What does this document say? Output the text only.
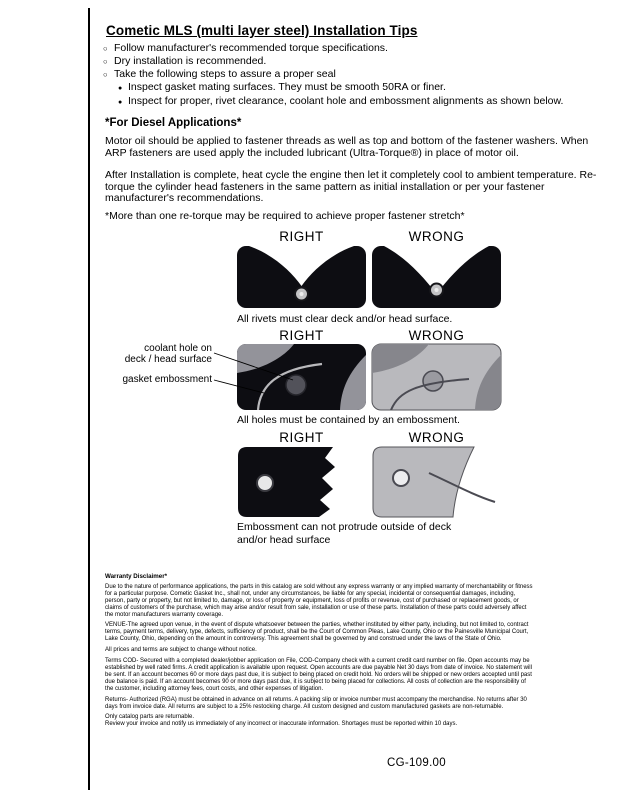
Cometic MLS (multi layer steel) Installation Tips
○ Follow manufacturer's recommended torque specifications.
○ Dry installation is recommended.
○ Take the following steps to assure a proper seal
● Inspect gasket mating surfaces. They must be smooth 50RA or finer.
● Inspect for proper, rivet clearance, coolant hole and embossment alignments as shown below.
*For Diesel Applications*
Motor oil should be applied to fastener threads as well as top and bottom of the fastener washers. When ARP fasteners are used apply the included lubricant (Ultra-Torque®) in place of motor oil.
After Installation is complete, heat cycle the engine then let it completely cool to ambient temperature. Re-torque the cylinder head fasteners in the same pattern as initial installation or per your fastener manufacturer's recommendations.
*More than one re-torque may be required to achieve proper fastener stretch*
RIGHT	WRONG
All rivets must clear deck and/or head surface.
RIGHT	WRONG
coolant hole on
deck / head surface
gasket embossment
All holes must be contained by an embossment.
RIGHT	WRONG
Embossment can not protrude outside of deck
and/or head surface
Warranty Disclaimer*

Due to the nature of performance applications, the parts in this catalog are sold without any express warranty or any implied warranty of merchantability or fitness for a particular purpose. Cometic Gasket Inc., shall not, under any circumstances, be liable for any special, incidental or consequential damages, including, person, party or property, but not limited to, damage, or loss of property or equipment, loss of profits or revenue, cost of purchased or replacement goods, or claims of customers of the purchase, which may arise and/or result from sale, installation or use of these parts. Installation of these parts could adversely affect the motor manufacturers warranty coverage.

VENUE-The agreed upon venue, in the event of dispute whatsoever between the parties, whether instituted by either party, including, but not limited to, contract terms, payment terms, delivery, type, defects, sufficiency of product, shall be the Court of Common Pleas, Lake County, Ohio or the Painesville Municipal Court, Lake County, Ohio, depending on the amount in controversy. This agreement shall be governed by and construed under the laws of the State of Ohio.

All prices and terms are subject to change without notice.

Terms COD- Secured with a completed dealer/jobber application on File, COD-Company check with a current credit card number on file. Open accounts may be established by well rated firms. A credit application is available upon request. Open accounts are due payable Net 30 days from date of invoice. No statement will be sent. If an account becomes 60 or more days past due, it is subject to being placed on credit hold. No orders will be shipped or new orders accepted until past due balance is paid. If an account becomes 90 or more days past due, it is subject to being placed for collections. All costs of collection are the responsibility of the customer, including attorney fees, court costs, and other expenses of litigation.

Returns- Authorized (RGA) must be obtained in advance on all returns. A packing slip or invoice number must accompany the merchandise. No returns after 30 days from invoice date. All returns are subject to a 25% restocking charge. All custom designed and custom manufactured gaskets are non-returnable.

Only catalog parts are returnable.

Review your invoice and notify us immediately of any incorrect or inaccurate information. Shortages must be reported within 10 days.

CG-109.00
